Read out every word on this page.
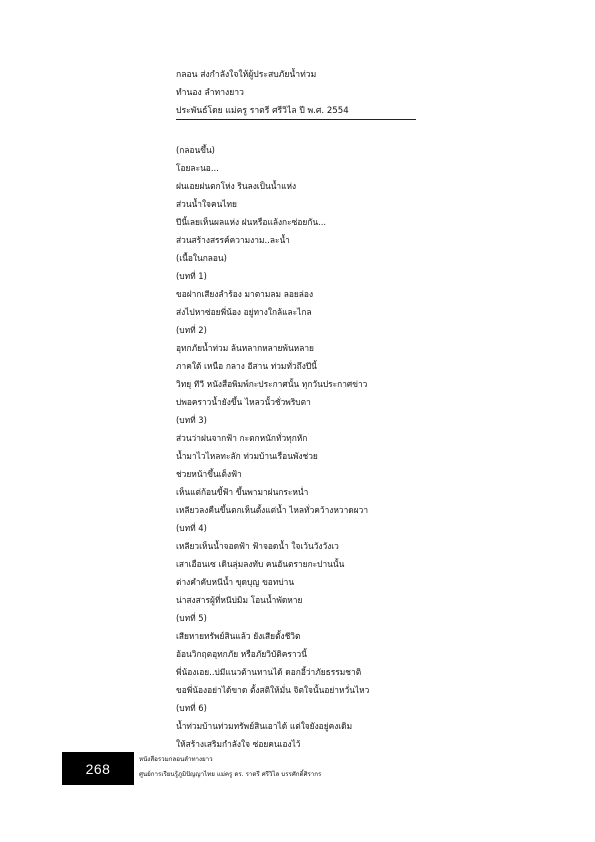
กลอน ส่งกำลังใจให้ผู้ประสบภัยน้ำท่วม
ทำนอง ลำทางยาว
ประพันธ์โดย แม่ครู ราตรี ศรีวิไล ปี พ.ศ. 2554
(กลอนขึ้น)
โอยละนอ...
ฝนเอยฝนตกโห่ง รินลงเป็นน้ำแห่ง
ส่วนน้ำใจคนไทย
ปีนี้เลยเห็นผลแห่ง ฝนหรือแล้งกะซ่อยกัน...
ส่วนสร้างสรรค์ความงาม..ละน้ำ
(เนื้อในกลอน)
(บทที่ 1)
ขอฝากเสียงลำร้อง มาตามลม ลอยล่อง
ส่งไปหาซ่อยพี่น้อง อยู่ทางใกล้และไกล
(บทที่ 2)
อุทกภัยน้ำท่วม ล้นหลากหลายพ้นหลาย
ภาคใต้ เหนือ กลาง อีสาน ท่วมทั่วถึงปีนี้
วิทยุ ทีวี หนังสือพิมพ์กะประกาศนั้น ทุกวันประกาศข่าว
บ่พอคราวน้ำยังขึ้น ไหลวนั้วชั่วพริบตา
(บทที่ 3)
ส่วนว่าฝนจากฟ้า กะตกหนักทั่วทุกหัก
น้ำมาไวไหลทะลัก ท่วมบ้านเรือนพังช่วย
ช่วยหน้าขึ้นเต็งฟ้า
เห็นแต่ก้อนขี้ฟ้า ขึ้นพามาฝนกระหน่ำ
เหลียวลงคืนขึ้นตกเห็นตั้งแต่น้ำ ไหลทั่วคว้างหวาดผวา
(บทที่ 4)
เหลียวเห็นน้ำจอดฟ้า ฟ้าจอดน้ำ ใจเว้นวังวังเว
เสาเอือนเซ เดินลุ่มลงทับ คนอันตรายกะปานนั้น
ต่างคำคับหนีน้ำ ขุดบุญ ขอทบ่าน
น่าสงสารผู้ที่หนีบ่มิม โอนน้ำพัดหาย
(บทที่ 5)
เสียหายทรัพย์สินแล้ว ยังเสียตั้งชีวิต
อ้อนวิกฤตอุทกภัย หรือภัยวิบัติคราวนี้
พี่น้องเอย..บ่มีแนวต้านทานได้ ดอกอี้ว่าภัยธรรมชาติ
ขอพี่น้องอย่าได้ขาด ตั้งสติให้มั่น จิตใจนั้นอย่าหวั่นไหว
(บทที่ 6)
น้ำท่วมบ้านท่วมทรัพย์สินเอาได้ แต่ใจยังอยู่คงเดิม
ให้สร้างเสริมกำลังใจ ซ่อยคนเองไว้
268
หนังสือรวมกลอนลำทางยาว
ศูนย์การเรียนรู้ภูมิปัญญาไทย แม่ครู ดร. ราตรี ศรีวิไล บรรศักดิ์ศิรากร
